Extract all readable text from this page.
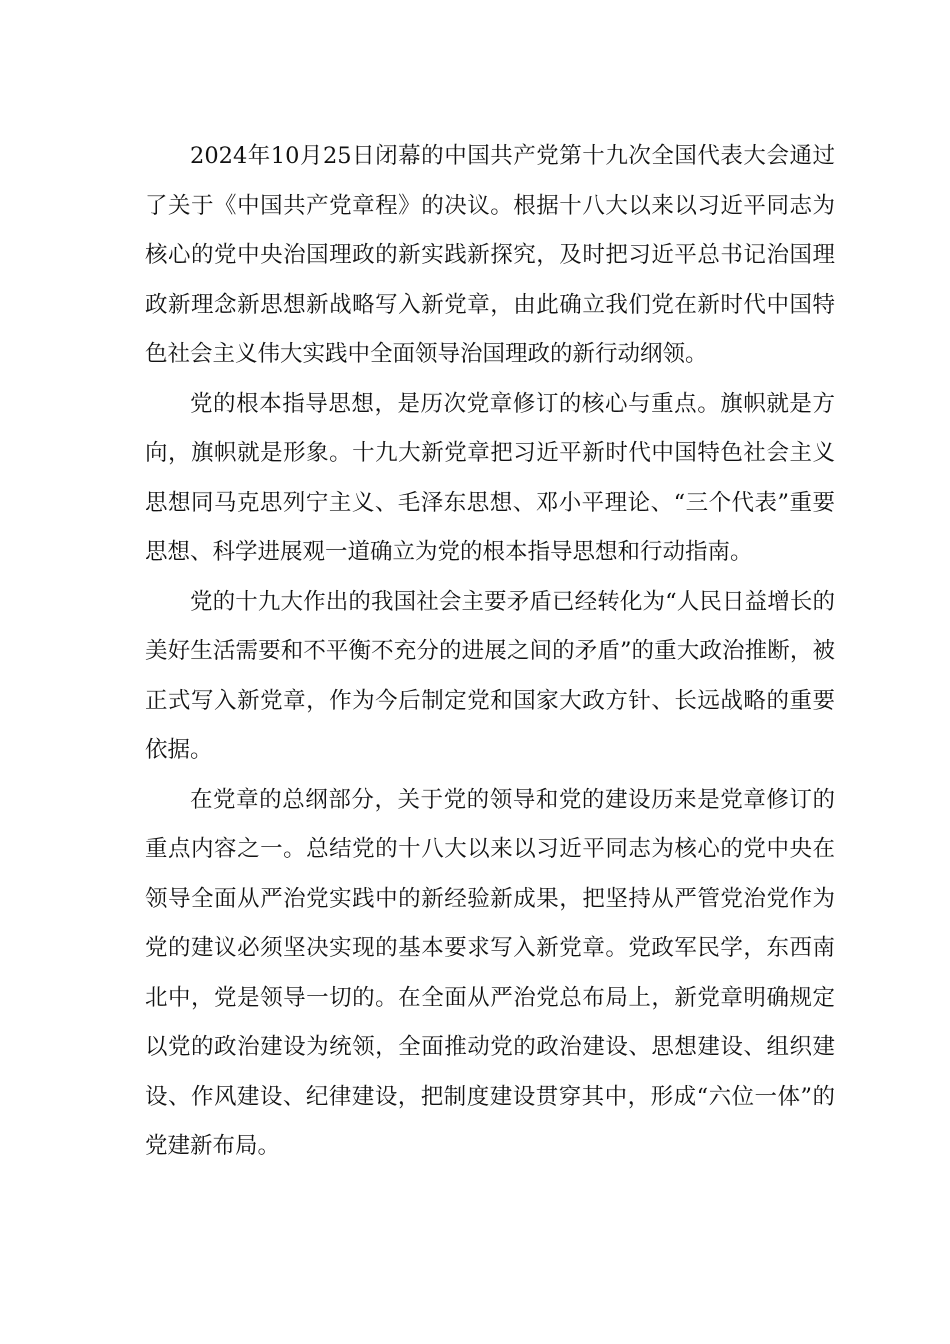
2024年10月25日闭幕的中国共产党第十九次全国代表大会通过了关于《中国共产党章程》的决议。根据十八大以来以习近平同志为核心的党中央治国理政的新实践新探究，及时把习近平总书记治国理政新理念新思想新战略写入新党章，由此确立我们党在新时代中国特色社会主义伟大实践中全面领导治国理政的新行动纲领。

党的根本指导思想，是历次党章修订的核心与重点。旗帜就是方向，旗帜就是形象。十九大新党章把习近平新时代中国特色社会主义思想同马克思列宁主义、毛泽东思想、邓小平理论、“三个代表”重要思想、科学进展观一道确立为党的根本指导思想和行动指南。

党的十九大作出的我国社会主要矛盾已经转化为“人民日益增长的美好生活需要和不平衡不充分的进展之间的矛盾”的重大政治推断，被正式写入新党章，作为今后制定党和国家大政方针、长远战略的重要依据。

在党章的总纲部分，关于党的领导和党的建设历来是党章修订的重点内容之一。总结党的十八大以来以习近平同志为核心的党中央在领导全面从严治党实践中的新经验新成果，把坚持从严管党治党作为党的建议必须坚决实现的基本要求写入新党章。党政军民学，东西南北中，党是领导一切的。在全面从严治党总布局上，新党章明确规定以党的政治建设为统领，全面推动党的政治建设、思想建设、组织建设、作风建设、纪律建设，把制度建设贯穿其中，形成“六位一体”的党建新布局。
